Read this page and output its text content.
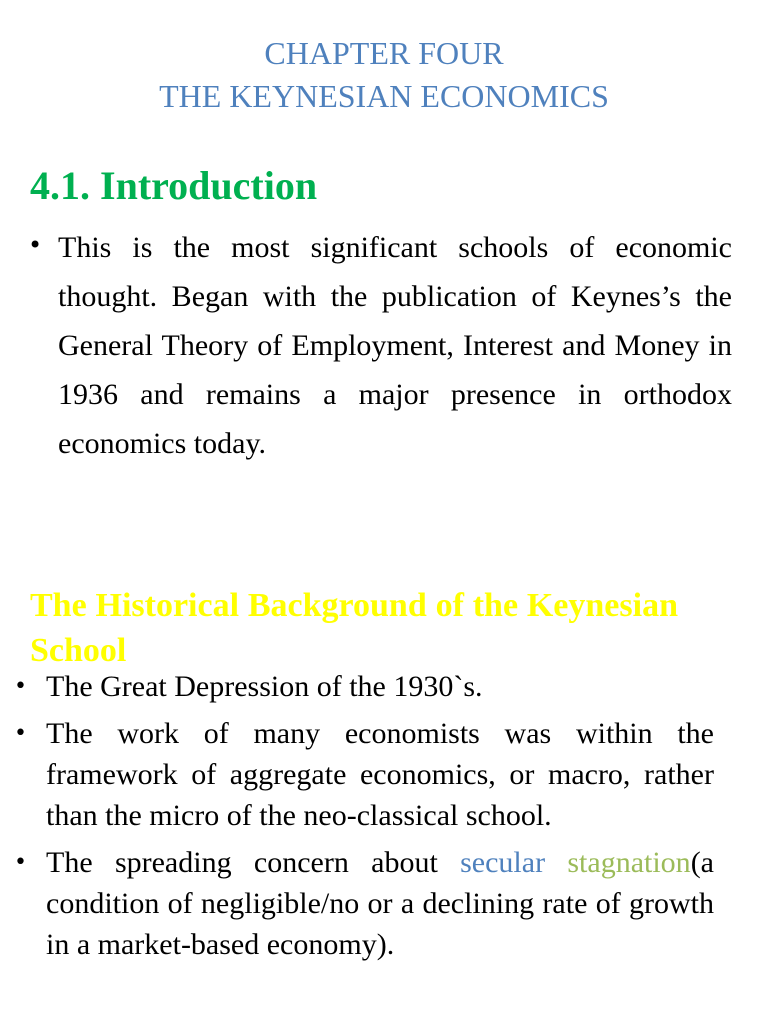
CHAPTER FOUR
THE KEYNESIAN ECONOMICS
4.1. Introduction
• This is the most significant schools of economic thought. Began with the publication of Keynes’s the General Theory of Employment, Interest and Money in 1936 and remains a major presence in orthodox economics today.
The Historical Background of the Keynesian School
• The Great Depression of the 1930`s.
• The work of many economists was within the framework of aggregate economics, or macro, rather than the micro of the neo-classical school.
• The spreading concern about secular stagnation(a condition of negligible/no or a declining rate of growth in a market-based economy).
